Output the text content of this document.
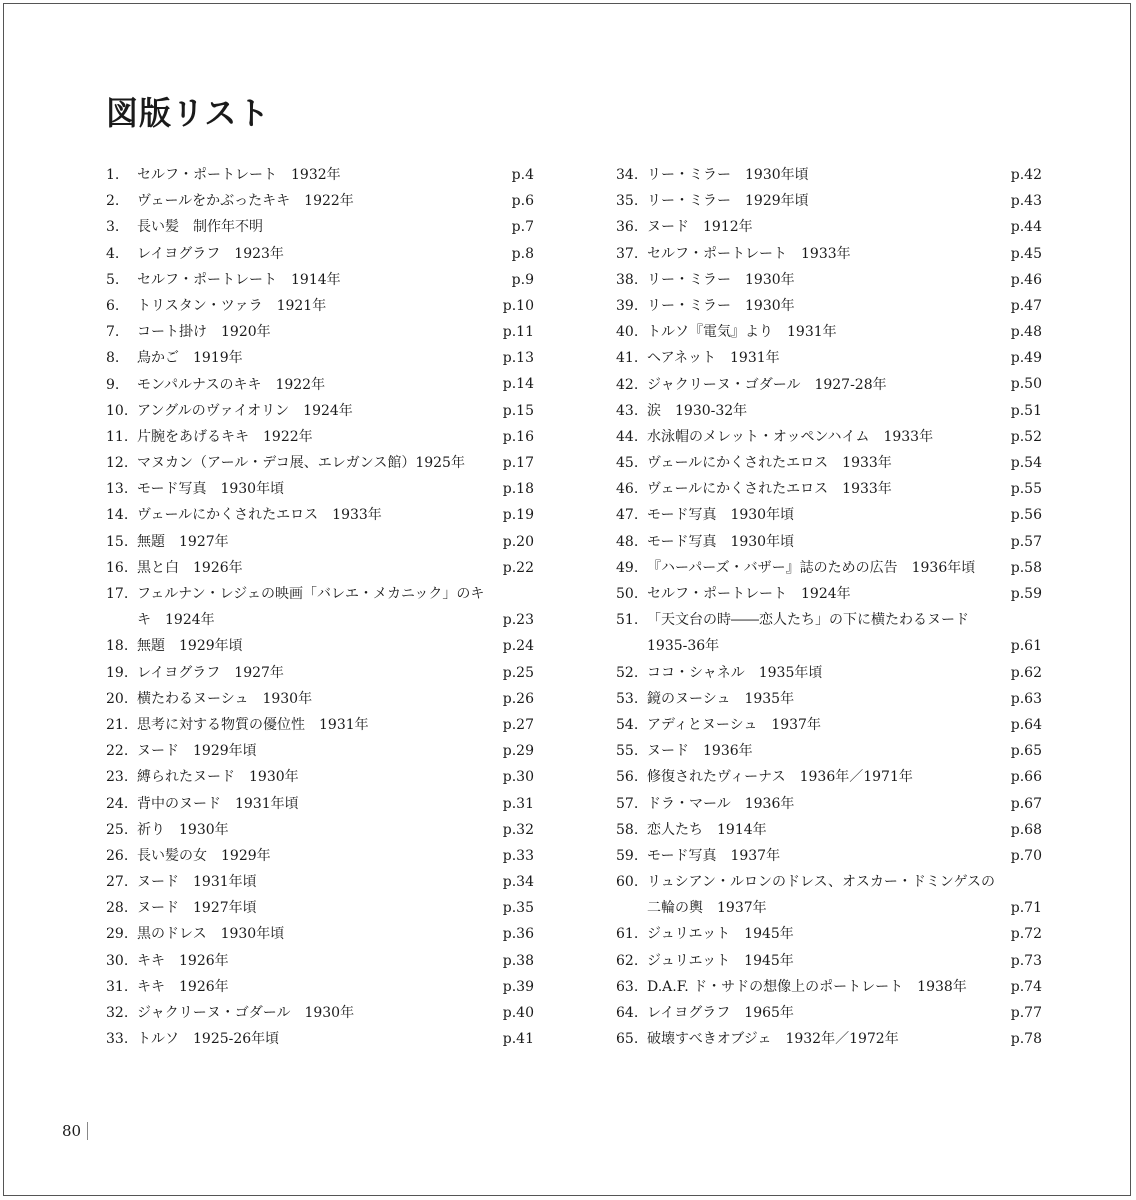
図版リスト
1. セルフ・ポートレート　1932年	p.4
2. ヴェールをかぶったキキ　1922年	p.6
3. 長い髪　制作年不明	p.7
4. レイヨグラフ　1923年	p.8
5. セルフ・ポートレート　1914年	p.9
6. トリスタン・ツァラ　1921年	p.10
7. コート掛け　1920年	p.11
8. 鳥かご　1919年	p.13
9. モンパルナスのキキ　1922年	p.14
10. アングルのヴァイオリン　1924年	p.15
11. 片腕をあげるキキ　1922年	p.16
12. マヌカン（アール・デコ展、エレガンス館）1925年	p.17
13. モード写真　1930年頃	p.18
14. ヴェールにかくされたエロス　1933年	p.19
15. 無題　1927年	p.20
16. 黒と白　1926年	p.22
17. フェルナン・レジェの映画「バレエ・メカニック」のキキ　1924年	p.23
18. 無題　1929年頃	p.24
19. レイヨグラフ　1927年	p.25
20. 横たわるヌーシュ　1930年	p.26
21. 思考に対する物質の優位性　1931年	p.27
22. ヌード　1929年頃	p.29
23. 縛られたヌード　1930年	p.30
24. 背中のヌード　1931年頃	p.31
25. 祈り　1930年	p.32
26. 長い髪の女　1929年	p.33
27. ヌード　1931年頃	p.34
28. ヌード　1927年頃	p.35
29. 黒のドレス　1930年頃	p.36
30. キキ　1926年	p.38
31. キキ　1926年	p.39
32. ジャクリーヌ・ゴダール　1930年	p.40
33. トルソ　1925-26年頃	p.41
34. リー・ミラー　1930年頃	p.42
35. リー・ミラー　1929年頃	p.43
36. ヌード　1912年	p.44
37. セルフ・ポートレート　1933年	p.45
38. リー・ミラー　1930年	p.46
39. リー・ミラー　1930年	p.47
40. トルソ『電気』より　1931年	p.48
41. ヘアネット　1931年	p.49
42. ジャクリーヌ・ゴダール　1927-28年	p.50
43. 涙　1930-32年	p.51
44. 水泳帽のメレット・オッペンハイム　1933年	p.52
45. ヴェールにかくされたエロス　1933年	p.54
46. ヴェールにかくされたエロス　1933年	p.55
47. モード写真　1930年頃	p.56
48. モード写真　1930年頃	p.57
49. 『ハーパーズ・バザー』誌のための広告　1936年頃	p.58
50. セルフ・ポートレート　1924年	p.59
51. 「天文台の時――恋人たち」の下に横たわるヌード　1935-36年	p.61
52. ココ・シャネル　1935年頃	p.62
53. 鏡のヌーシュ　1935年	p.63
54. アディとヌーシュ　1937年	p.64
55. ヌード　1936年	p.65
56. 修復されたヴィーナス　1936年／1971年	p.66
57. ドラ・マール　1936年	p.67
58. 恋人たち　1914年	p.68
59. モード写真　1937年	p.70
60. リュシアン・ルロンのドレス、オスカー・ドミンゲスの二輪の輿　1937年	p.71
61. ジュリエット　1945年	p.72
62. ジュリエット　1945年	p.73
63. D.A.F. ド・サドの想像上のポートレート　1938年	p.74
64. レイヨグラフ　1965年	p.77
65. 破壊すべきオブジェ　1932年／1972年	p.78
80
